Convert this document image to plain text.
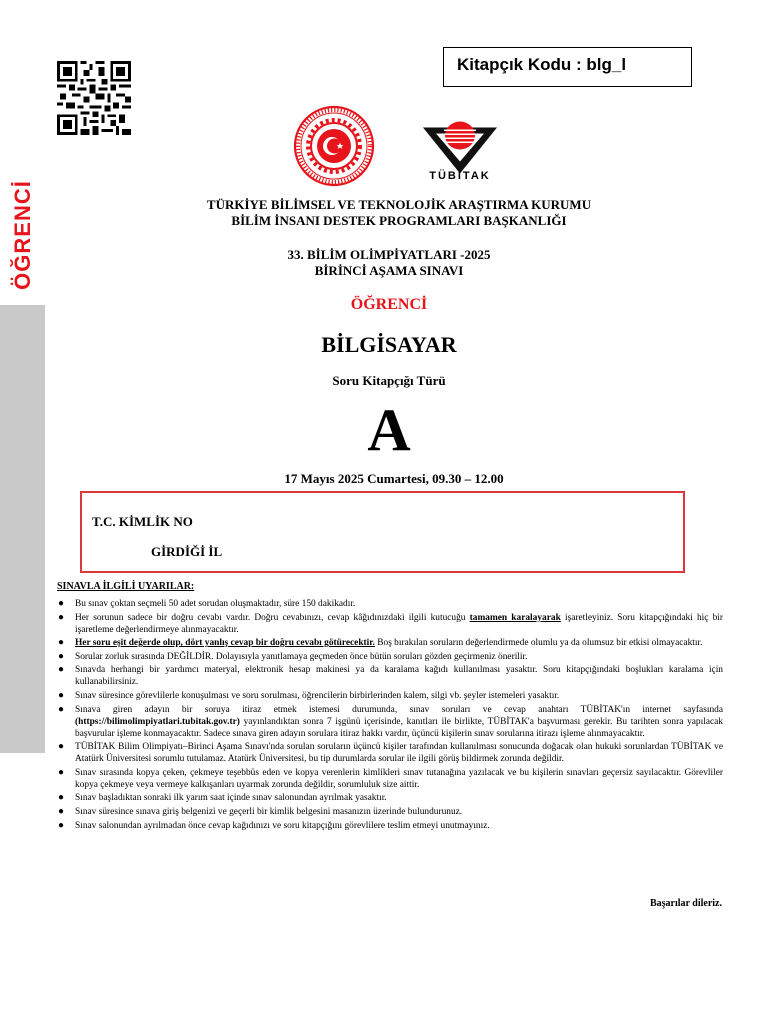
ÖĞRENCİ
Kitapçık Kodu : blg_l
TÜBİTAK
TÜRKİYE BİLİMSEL VE TEKNOLOJİK ARAŞTIRMA KURUMU
BİLİM İNSANI DESTEK PROGRAMLARI BAŞKANLIĞI
33. BİLİM OLİMPİYATLARI -2025
BİRİNCİ AŞAMA SINAVI
ÖĞRENCİ
BİLGİSAYAR
Soru Kitapçığı Türü
A
17 Mayıs 2025 Cumartesi, 09.30 – 12.00
T.C. KİMLİK NO
GİRDİĞİ İL
SINAVLA İLGİLİ UYARILAR:
● Bu sınav çoktan seçmeli 50 adet sorudan oluşmaktadır, süre 150 dakikadır.
● Her sorunun sadece bir doğru cevabı vardır. Doğru cevabınızı, cevap kâğıdınızdaki ilgili kutucuğu tamamen karalayarak işaretleyiniz. Soru kitapçığındaki hiç bir işaretleme değerlendirmeye alınmayacaktır.
● Her soru eşit değerde olup, dört yanlış cevap bir doğru cevabı götürecektir. Boş bırakılan soruların değerlendirmede olumlu ya da olumsuz bir etkisi olmayacaktır.
● Sorular zorluk sırasında DEĞİLDİR. Dolayısıyla yanıtlamaya geçmeden önce bütün soruları gözden geçirmeniz önerilir.
● Sınavda herhangi bir yardımcı materyal, elektronik hesap makinesi ya da karalama kağıdı kullanılması yasaktır. Soru kitapçığındaki boşlukları karalama için kullanabilirsiniz.
● Sınav süresince görevlilerle konuşulması ve soru sorulması, öğrencilerin birbirlerinden kalem, silgi vb. şeyler istemeleri yasaktır.
● Sınava giren adayın bir soruya itiraz etmek istemesi durumunda, sınav soruları ve cevap anahtarı TÜBİTAK'ın internet sayfasında (https://bilimolimpiyatlari.tubitak.gov.tr) yayınlandıktan sonra 7 işgünü içerisinde, kanıtları ile birlikte, TÜBİTAK'a başvurması gerekir. Bu tarihten sonra yapılacak başvurular işleme konmayacaktır. Sadece sınava giren adayın sorulara itiraz hakkı vardır, üçüncü kişilerin sınav sorularına itirazı işleme alınmayacaktır.
● TÜBİTAK Bilim Olimpiyatı–Birinci Aşama Sınavı'nda sorulan soruların üçüncü kişiler tarafından kullanılması sonucunda doğacak olan hukuki sorunlardan TÜBİTAK ve Atatürk Üniversitesi sorumlu tutulamaz. Atatürk Üniversitesi, bu tip durumlarda sorular ile ilgili görüş bildirmek zorunda değildir.
● Sınav sırasında kopya çeken, çekmeye teşebbüs eden ve kopya verenlerin kimlikleri sınav tutanağına yazılacak ve bu kişilerin sınavları geçersiz sayılacaktır. Görevliler kopya çekmeye veya vermeye kalkışanları uyarmak zorunda değildir, sorumluluk size aittir.
● Sınav başladıktan sonraki ilk yarım saat içinde sınav salonundan ayrılmak yasaktır.
● Sınav süresince sınava giriş belgenizi ve geçerli bir kimlik belgesini masanızın üzerinde bulundurunuz.
● Sınav salonundan ayrılmadan önce cevap kağıdınızı ve soru kitapçığını görevlilere teslim etmeyi unutmayınız.
Başarılar dileriz.
